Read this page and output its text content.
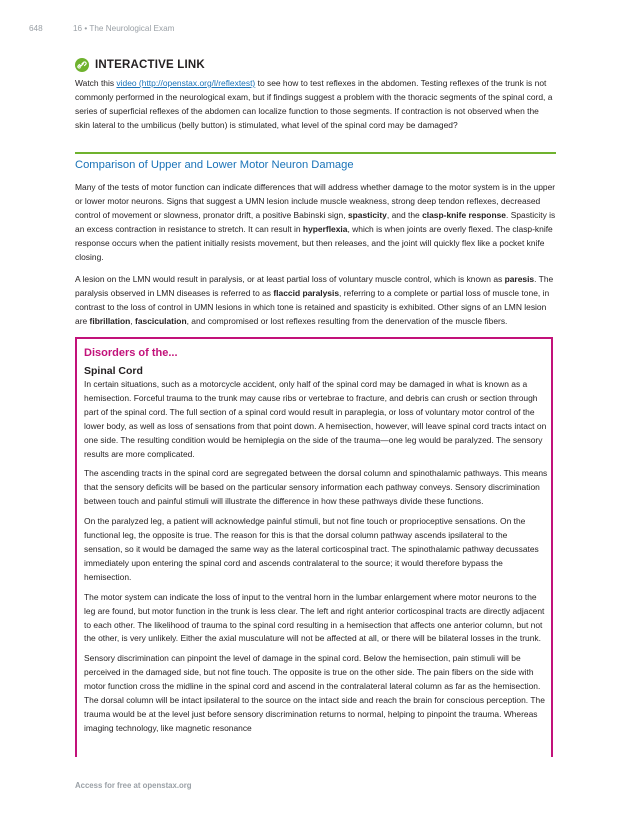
648	16 • The Neurological Exam
INTERACTIVE LINK

Watch this video (http://openstax.org/l/reflextest) to see how to test reflexes in the abdomen. Testing reflexes of the trunk is not commonly performed in the neurological exam, but if findings suggest a problem with the thoracic segments of the spinal cord, a series of superficial reflexes of the abdomen can localize function to those segments. If contraction is not observed when the skin lateral to the umbilicus (belly button) is stimulated, what level of the spinal cord may be damaged?

Comparison of Upper and Lower Motor Neuron Damage

Many of the tests of motor function can indicate differences that will address whether damage to the motor system is in the upper or lower motor neurons. Signs that suggest a UMN lesion include muscle weakness, strong deep tendon reflexes, decreased control of movement or slowness, pronator drift, a positive Babinski sign, spasticity, and the clasp-knife response. Spasticity is an excess contraction in resistance to stretch. It can result in hyperflexia, which is when joints are overly flexed. The clasp-knife response occurs when the patient initially resists movement, but then releases, and the joint will quickly flex like a pocket knife closing.

A lesion on the LMN would result in paralysis, or at least partial loss of voluntary muscle control, which is known as paresis. The paralysis observed in LMN diseases is referred to as flaccid paralysis, referring to a complete or partial loss of muscle tone, in contrast to the loss of control in UMN lesions in which tone is retained and spasticity is exhibited. Other signs of an LMN lesion are fibrillation, fasciculation, and compromised or lost reflexes resulting from the denervation of the muscle fibers.

Disorders of the...

Spinal Cord

In certain situations, such as a motorcycle accident, only half of the spinal cord may be damaged in what is known as a hemisection. Forceful trauma to the trunk may cause ribs or vertebrae to fracture, and debris can crush or section through part of the spinal cord. The full section of a spinal cord would result in paraplegia, or loss of voluntary motor control of the lower body, as well as loss of sensations from that point down. A hemisection, however, will leave spinal cord tracts intact on one side. The resulting condition would be hemiplegia on the side of the trauma—one leg would be paralyzed. The sensory results are more complicated.

The ascending tracts in the spinal cord are segregated between the dorsal column and spinothalamic pathways. This means that the sensory deficits will be based on the particular sensory information each pathway conveys. Sensory discrimination between touch and painful stimuli will illustrate the difference in how these pathways divide these functions.

On the paralyzed leg, a patient will acknowledge painful stimuli, but not fine touch or proprioceptive sensations. On the functional leg, the opposite is true. The reason for this is that the dorsal column pathway ascends ipsilateral to the sensation, so it would be damaged the same way as the lateral corticospinal tract. The spinothalamic pathway decussates immediately upon entering the spinal cord and ascends contralateral to the source; it would therefore bypass the hemisection.

The motor system can indicate the loss of input to the ventral horn in the lumbar enlargement where motor neurons to the leg are found, but motor function in the trunk is less clear. The left and right anterior corticospinal tracts are directly adjacent to each other. The likelihood of trauma to the spinal cord resulting in a hemisection that affects one anterior column, but not the other, is very unlikely. Either the axial musculature will not be affected at all, or there will be bilateral losses in the trunk.

Sensory discrimination can pinpoint the level of damage in the spinal cord. Below the hemisection, pain stimuli will be perceived in the damaged side, but not fine touch. The opposite is true on the other side. The pain fibers on the side with motor function cross the midline in the spinal cord and ascend in the contralateral lateral column as far as the hemisection. The dorsal column will be intact ipsilateral to the source on the intact side and reach the brain for conscious perception. The trauma would be at the level just before sensory discrimination returns to normal, helping to pinpoint the trauma. Whereas imaging technology, like magnetic resonance

Access for free at openstax.org
